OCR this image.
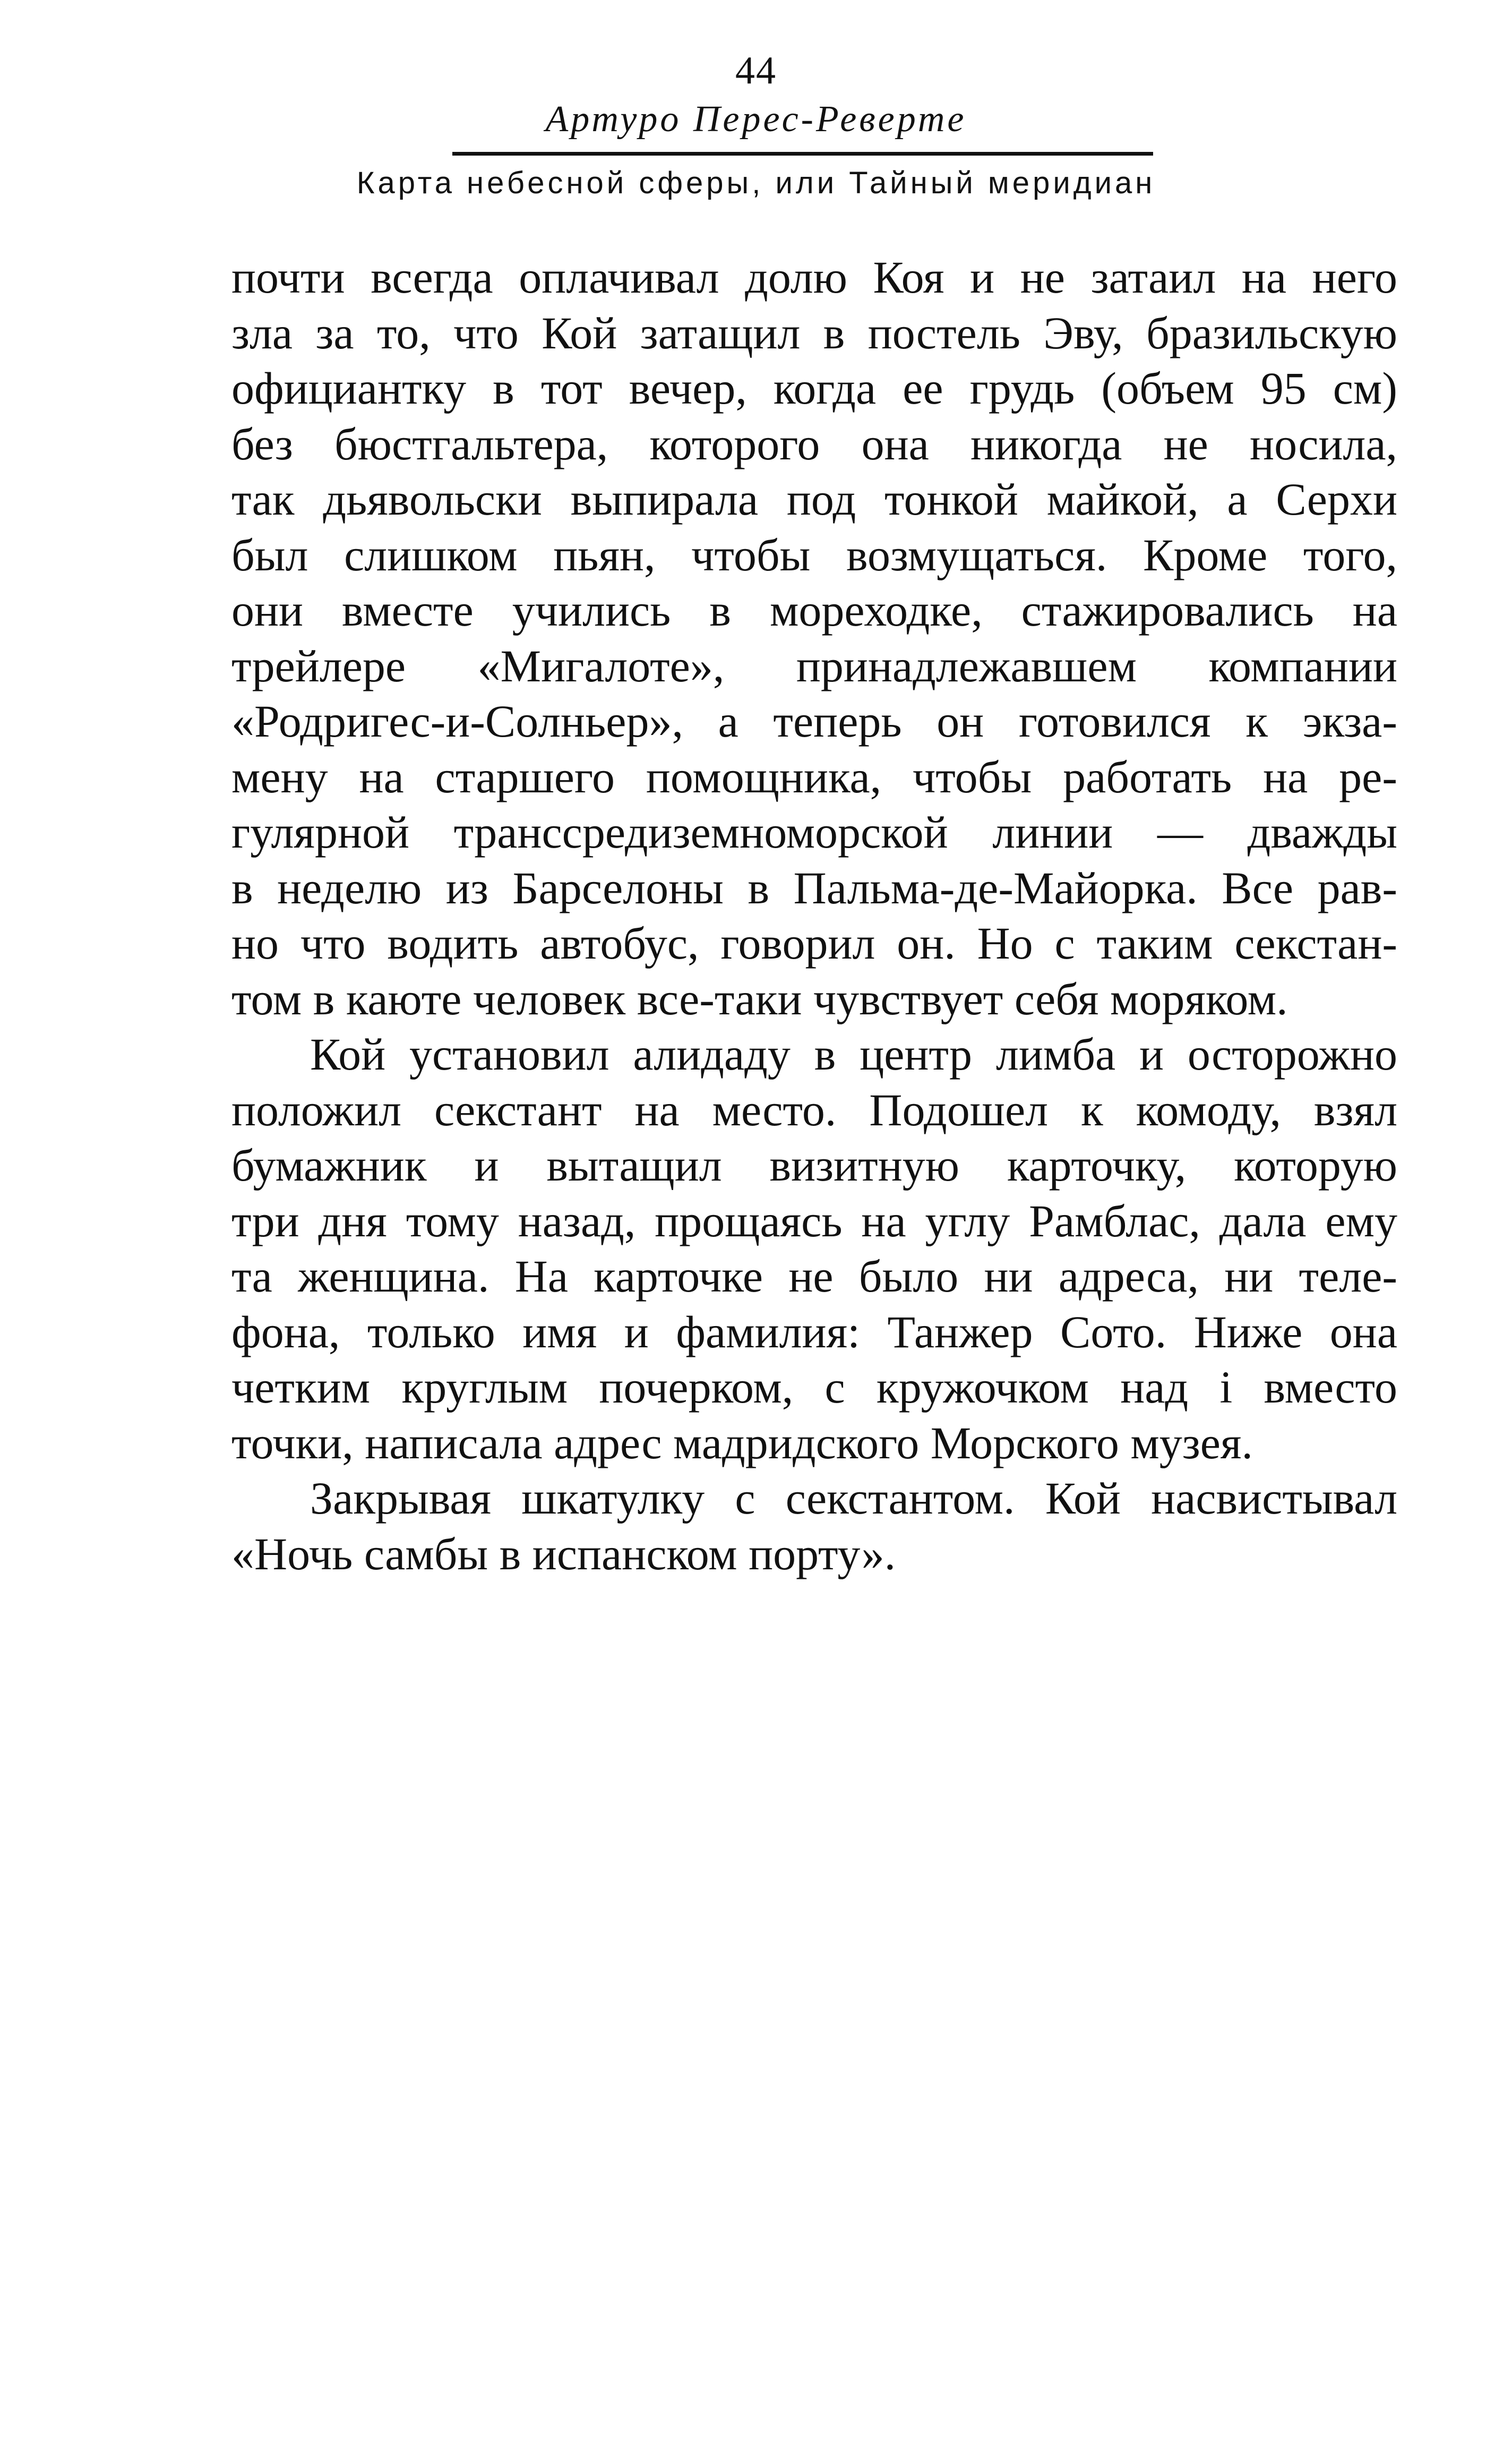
44
Артуро Перес-Реверте
Карта небесной сферы, или Тайный меридиан

почти всегда оплачивал долю Коя и не затаил на него
зла за то, что Кой затащил в постель Эву, бразильскую
официантку в тот вечер, когда ее грудь (объем 95 см)
без бюстгальтера, которого она никогда не носила,
так дьявольски выпирала под тонкой майкой, а Серхи
был слишком пьян, чтобы возмущаться. Кроме того,
они вместе учились в мореходке, стажировались на
трейлере «Мигалоте», принадлежавшем компании
«Родригес-и-Солньер», а теперь он готовился к экза-
мену на старшего помощника, чтобы работать на ре-
гулярной транссредиземноморской линии — дважды
в неделю из Барселоны в Пальма-де-Майорка. Все рав-
но что водить автобус, говорил он. Но с таким секстан-
том в каюте человек все-таки чувствует себя моряком.

Кой установил алидаду в центр лимба и осторожно
положил секстант на место. Подошел к комоду, взял
бумажник и вытащил визитную карточку, которую
три дня тому назад, прощаясь на углу Рамблас, дала ему
та женщина. На карточке не было ни адреса, ни теле-
фона, только имя и фамилия: Танжер Сото. Ниже она
четким круглым почерком, с кружочком над i вместо
точки, написала адрес мадридского Морского музея.

Закрывая шкатулку с секстантом. Кой насвистывал
«Ночь самбы в испанском порту».
